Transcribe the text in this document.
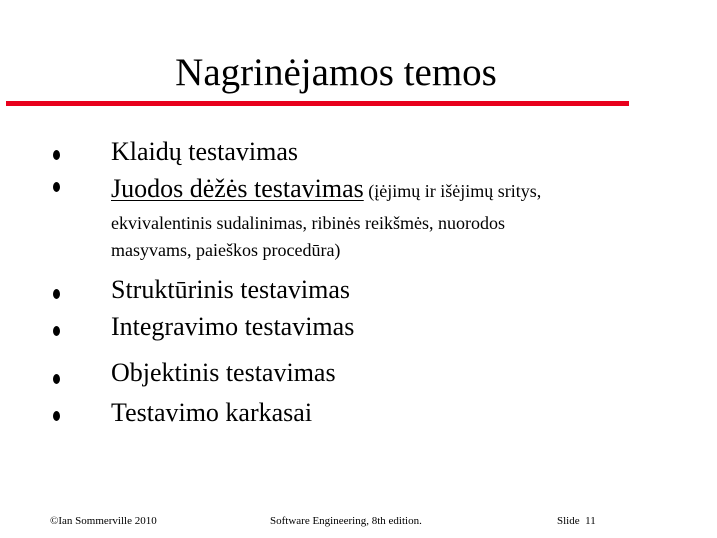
Nagrinėjamos temos
Klaidų testavimas
Juodos dėžės testavimas (įėjimų ir išėjimų sritys,
ekvivalentinis sudalinimas, ribinės reikšmės, nuorodos
masyvams, paieškos procedūra)
Struktūrinis testavimas
Integravimo testavimas
Objektinis testavimas
Testavimo karkasai
©Ian Sommerville 2010	Software Engineering, 8th edition.	Slide 11
